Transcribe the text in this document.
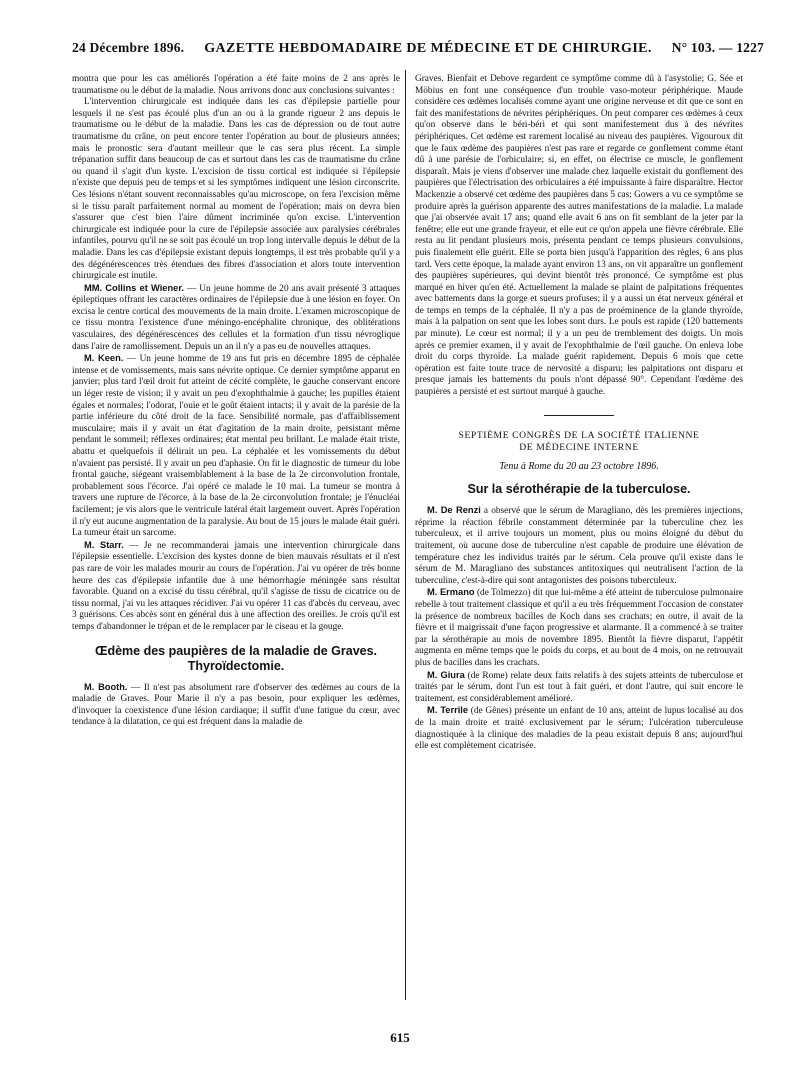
24 Décembre 1896. GAZETTE HEBDOMADAIRE DE MÉDECINE ET DE CHIRURGIE. N° 103. — 1227

montra que pour les cas améliorés l'opération a été faite moins de 2 ans après le traumatisme ou le début de la maladie. Nous arrivons donc aux conclusions suivantes :

L'intervention chirurgicale est indiquée dans les cas d'épilepsie partielle pour lesquels il ne s'est pas écoulé plus d'un an ou à la grande rigueur 2 ans depuis le traumatisme ou le début de la maladie. Dans les cas de dépression ou de tout autre traumatisme du crâne, on peut encore tenter l'opération au bout de plusieurs années; mais le pronostic sera d'autant meilleur que le cas sera plus récent. La simple trépanation suffit dans beaucoup de cas et surtout dans les cas de traumatisme du crâne ou quand il s'agit d'un kyste. L'excision de tissu cortical est indiquée si l'épilepsie n'existe que depuis peu de temps et si les symptômes indiquent une lésion circonscrite. Ces lésions n'étant souvent reconnaissables qu'au microscope, on fera l'excision même si le tissu paraît parfaitement normal au moment de l'opération; mais on devra bien s'assurer que c'est bien l'aire dûment incriminée qu'on excise. L'intervention chirurgicale est indiquée pour la cure de l'épilepsie associée aux paralysies cérébrales infantiles, pourvu qu'il ne se soit pas écoulé un trop long intervalle depuis le début de la maladie. Dans les cas d'épilepsie existant depuis longtemps, il est très probable qu'il y a des dégénérescences très étendues des fibres d'association et alors toute intervention chirurgicale est inutile.

MM. Collins et Wiener. — Un jeune homme de 20 ans avait présenté 3 attaques épileptiques offrant les caractères ordinaires de l'épilepsie due à une lésion en foyer. On excisa le centre cortical des mouvements de la main droite. L'examen microscopique de ce tissu montra l'existence d'une méningo-encéphalite chronique, des oblitérations vasculaires, des dégénérescences des cellules et la formation d'un tissu névroglique dans l'aire de ramollissement. Depuis un an il n'y a pas eu de nouvelles attaques.

M. Keen. — Un jeune homme de 19 ans fut pris en décembre 1895 de céphalée intense et de vomissements, mais sans névrite optique. Ce dernier symptôme apparut en janvier; plus tard l'œil droit fut atteint de cécité complète, le gauche conservant encore un léger reste de vision; il y avait un peu d'exophthalmie à gauche; les pupilles étaient égales et normales; l'odorat, l'ouïe et le goût étaient intacts; il y avait de la parésie de la partie inférieure du côté droit de la face. Sensibilité normale, pas d'affaiblissement musculaire; mais il y avait un état d'agitation de la main droite, persistant même pendant le sommeil; réflexes ordinaires; état mental peu brillant. Le malade était triste, abattu et quelquefois il délirait un peu. La céphalée et les vomissements du début n'avaient pas persisté. Il y avait un peu d'aphasie. On fit le diagnostic de tumeur du lobe frontal gauche, siégeant vraisemblablement à la base de la 2e circonvolution frontale, probablement sous l'écorce. J'ai opéré ce malade le 10 mai. La tumeur se montra à travers une rupture de l'écorce, à la base de la 2e circonvolution frontale; je l'énucléai facilement; je vis alors que le ventricule latéral était largement ouvert. Après l'opération il n'y eut aucune augmentation de la paralysie. Au bout de 15 jours le malade était guéri. La tumeur était un sarcome.

M. Starr. — Je ne recommanderai jamais une intervention chirurgicale dans l'épilepsie essentielle. L'excision des kystes donne de bien mauvais résultats et il n'est pas rare de voir les malades mourir au cours de l'opération. J'ai vu opérer de très bonne heure des cas d'épilepsie infantile due à une hémorrhagie méningée sans résultat favorable. Quand on a excisé du tissu cérébral, qu'il s'agisse de tissu de cicatrice ou de tissu normal, j'ai vu les attaques récidiver. J'ai vu opérer 11 cas d'abcès du cerveau, avec 3 guérisons. Ces abcès sont en général dus à une affection des oreilles. Je crois qu'il est temps d'abandonner le trépan et de le remplacer par le ciseau et la gouge.

Œdème des paupières de la maladie de Graves. Thyroïdectomie.

M. Booth. — Il n'est pas absolument rare d'observer des œdèmes au cours de la maladie de Graves. Pour Marie il n'y a pas besoin, pour expliquer les œdèmes, d'invoquer la coexistence d'une lésion cardiaque; il suffit d'une fatigue du cœur, avec tendance à la dilatation, ce qui est fréquent dans la maladie de

Graves. Bienfait et Debove regardent ce symptôme comme dû à l'asystolie; G. Sée et Möbius en font une conséquence d'un trouble vaso-moteur périphérique. Maude considère ces œdèmes localisés comme ayant une origine nerveuse et dit que ce sont en fait des manifestations de névrites périphériques. On peut comparer ces œdèmes à ceux qu'on observe dans le béri-béri et qui sont manifestement dus à des névrites périphériques. Cet œdème est rarement localisé au niveau des paupières. Vigouroux dit que le faux œdème des paupières n'est pas rare et regarde ce gonflement comme étant dû à une parésie de l'orbiculaire; si, en effet, on électrise ce muscle, le gonflement disparaît. Mais je viens d'observer une malade chez laquelle existait du gonflement des paupières que l'électrisation des orbiculaires a été impuissante à faire disparaître. Hector Mackenzie a observé cet œdème des paupières dans 5 cas; Gowers a vu ce symptôme se produire après la guérison apparente des autres manifestations de la maladie. La malade que j'ai observée avait 17 ans; quand elle avait 6 ans on fit semblant de la jeter par la fenêtre; elle eut une grande frayeur, et elle eut ce qu'on appela une fièvre cérébrale. Elle resta au lit pendant plusieurs mois, présenta pendant ce temps plusieurs convulsions, puis finalement elle guérit. Elle se porta bien jusqu'à l'apparition des règles, 6 ans plus tard. Vers cette époque, la malade ayant environ 13 ans, on vit apparaître un gonflement des paupières supérieures, qui devint bientôt très prononcé. Ce symptôme est plus marqué en hiver qu'en été. Actuellement la malade se plaint de palpitations fréquentes avec battements dans la gorge et sueurs profuses; il y a aussi un état nerveux général et de temps en temps de la céphalée. Il n'y a pas de proéminence de la glande thyroïde, mais à la palpation on sent que les lobes sont durs. Le pouls est rapide (120 battements par minute). Le cœur est normal; il y a un peu de tremblement des doigts. Un mois après ce premier examen, il y avait de l'exophthalmie de l'œil gauche. On enleva lobe droit du corps thyroïde. La malade guérit rapidement. Depuis 6 mois que cette opération est faite toute trace de nervosité a disparu; les palpitations ont disparu et presque jamais les battements du pouls n'ont dépassé 90°. Cependant l'œdème des paupières a persisté et est surtout marqué à gauche.

SEPTIÈME CONGRÈS DE LA SOCIÉTÉ ITALIENNE
DE MÉDECINE INTERNE
Tenu à Rome du 20 au 23 octobre 1896.
Sur la sérothérapie de la tuberculose.

M. De Renzi a observé que le sérum de Maragliano, dès les premières injections, réprime la réaction fébrile constamment déterminée par la tuberculine chez les tuberculeux, et il arrive toujours un moment, plus ou moins éloigné du début du traitement, où aucune dose de tuberculine n'est capable de produire une élévation de température chez les individus traités par le sérum. Cela prouve qu'il existe dans le sérum de M. Maragliano des substances antitoxiques qui neutralisent l'action de la tuberculine, c'est-à-dire qui sont antagonistes des poisons tuberculeux.

M. Ermano (de Tolmezzo) dit que lui-même a été atteint de tuberculose pulmonaire rebelle à tout traitement classique et qu'il a eu très fréquemment l'occasion de constater la présence de nombreux bacilles de Koch dans ses crachats; en outre, il avait de la fièvre et il maigrissait d'une façon progressive et alarmante. Il a commencé à se traiter par la sérothérapie au mois de novembre 1895. Bientôt la fièvre disparut, l'appétit augmenta en même temps que le poids du corps, et au bout de 4 mois, on ne retrouvait plus de bacilles dans les crachats.

M. Giura (de Rome) relate deux faits relatifs à des sujets atteints de tuberculose et traités par le sérum, dont l'un est tout à fait guéri, et dont l'autre, qui suit encore le traitement, est considérablement amélioré.

M. Terrile (de Gênes) présente un enfant de 10 ans, atteint de lupus localisé au dos de la main droite et traité exclusivement par le sérum; l'ulcération tuberculeuse diagnostiquée à la clinique des maladies de la peau existait depuis 8 ans; aujourd'hui elle est complètement cicatrisée.

615
